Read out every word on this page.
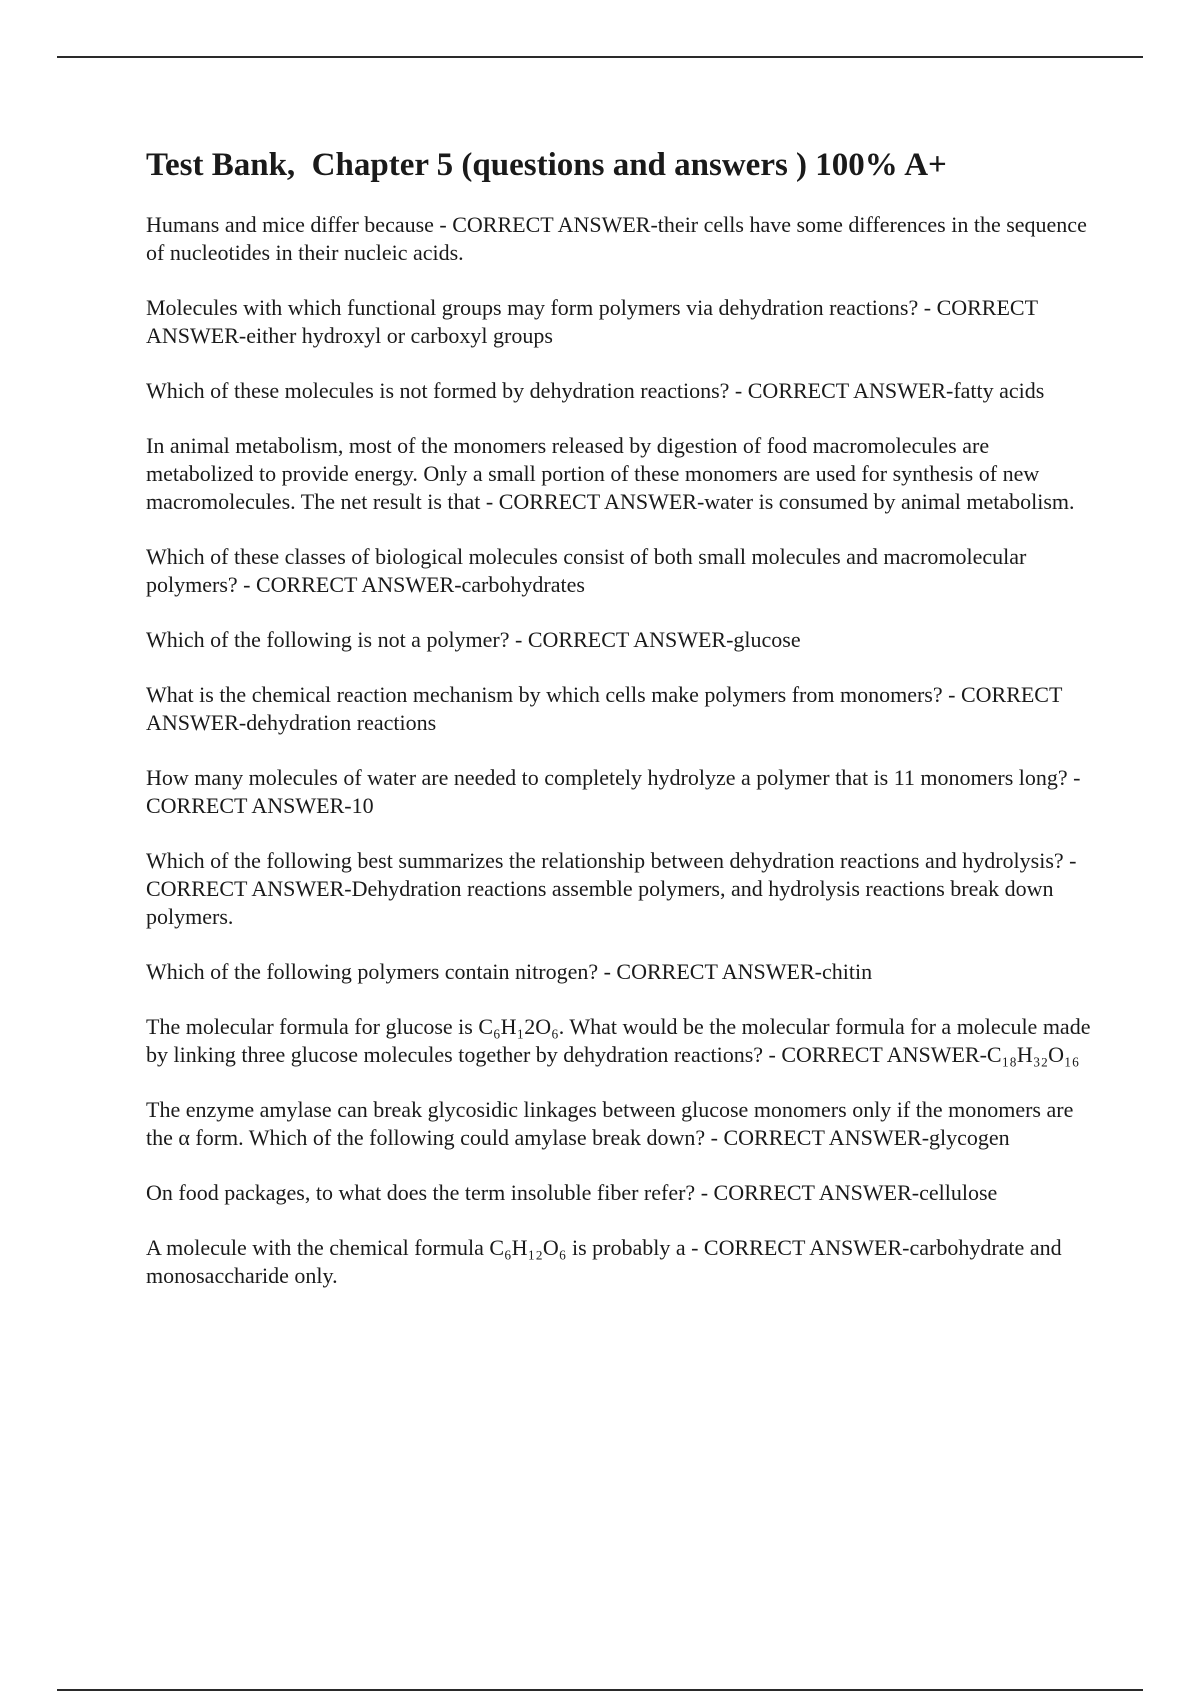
Test Bank,  Chapter 5 (questions and answers ) 100% A+

Humans and mice differ because - CORRECT ANSWER-their cells have some differences in the sequence of nucleotides in their nucleic acids.

Molecules with which functional groups may form polymers via dehydration reactions? - CORRECT ANSWER-either hydroxyl or carboxyl groups

Which of these molecules is not formed by dehydration reactions? - CORRECT ANSWER-fatty acids

In animal metabolism, most of the monomers released by digestion of food macromolecules are metabolized to provide energy. Only a small portion of these monomers are used for synthesis of new macromolecules. The net result is that - CORRECT ANSWER-water is consumed by animal metabolism.

Which of these classes of biological molecules consist of both small molecules and macromolecular polymers? - CORRECT ANSWER-carbohydrates

Which of the following is not a polymer? - CORRECT ANSWER-glucose

What is the chemical reaction mechanism by which cells make polymers from monomers? - CORRECT ANSWER-dehydration reactions

How many molecules of water are needed to completely hydrolyze a polymer that is 11 monomers long? - CORRECT ANSWER-10

Which of the following best summarizes the relationship between dehydration reactions and hydrolysis? - CORRECT ANSWER-Dehydration reactions assemble polymers, and hydrolysis reactions break down polymers.

Which of the following polymers contain nitrogen? - CORRECT ANSWER-chitin

The molecular formula for glucose is C₆H₁2O₆. What would be the molecular formula for a molecule made by linking three glucose molecules together by dehydration reactions? - CORRECT ANSWER-C₁₈H₃₂O₁₆

The enzyme amylase can break glycosidic linkages between glucose monomers only if the monomers are the α form. Which of the following could amylase break down? - CORRECT ANSWER-glycogen

On food packages, to what does the term insoluble fiber refer? - CORRECT ANSWER-cellulose

A molecule with the chemical formula C₆H₁₂O₆ is probably a - CORRECT ANSWER-carbohydrate and monosaccharide only.
